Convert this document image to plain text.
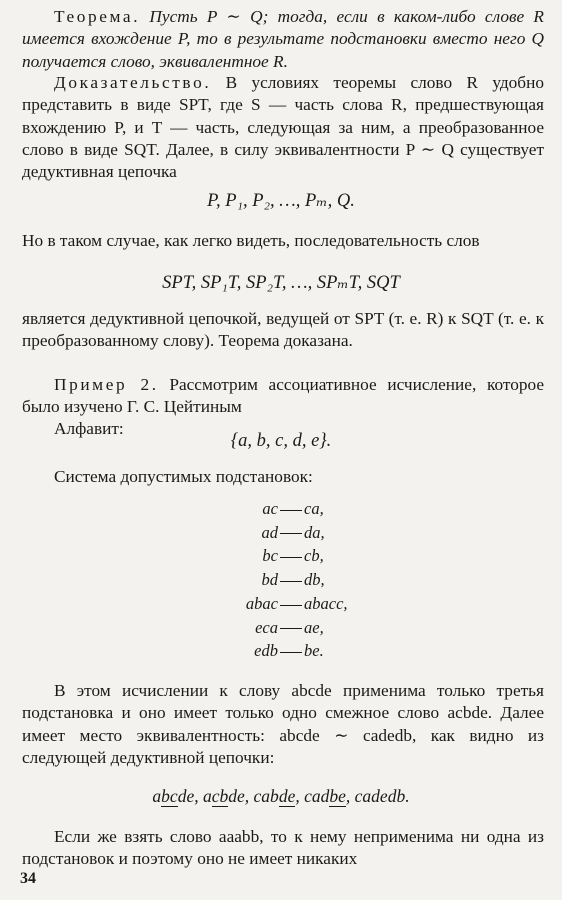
Теорема. Пусть P ∼ Q; тогда, если в каком-либо слове R имеется вхождение P, то в результате подстановки вместо него Q получается слово, эквивалентное R.
Доказательство. В условиях теоремы слово R удобно представить в виде SPT, где S — часть слова R, предшествующая вхождению P, и T — часть, следующая за ним, а преобразованное слово в виде SQT. Далее, в силу эквивалентности P ∼ Q существует дедуктивная цепочка
P, P₁, P₂, …, Pₘ, Q.
Но в таком случае, как легко видеть, последовательность слов
SPT, SP₁T, SP₂T, …, SPₘT, SQT
является дедуктивной цепочкой, ведущей от SPT (т. е. R) к SQT (т. е. к преобразованному слову). Теорема доказана.
Пример 2. Рассмотрим ассоциативное исчисление, которое было изучено Г. С. Цейтиным
Алфавит:
{a, b, c, d, e}.
Система допустимых подстановок:
ac ca,
ad da,
bc cb,
bd db,
abac abacc,
eca ae,
edb be.
В этом исчислении к слову abcde применима только третья подстановка и оно имеет только одно смежное слово acbde. Далее имеет место эквивалентность: abcde ∼ cadedb, как видно из следующей дедуктивной цепочки:
abcde, acbde, cabde, cadbe, cadedb.
Если же взять слово aaabb, то к нему неприменима ни одна из подстановок и поэтому оно не имеет никаких
34
